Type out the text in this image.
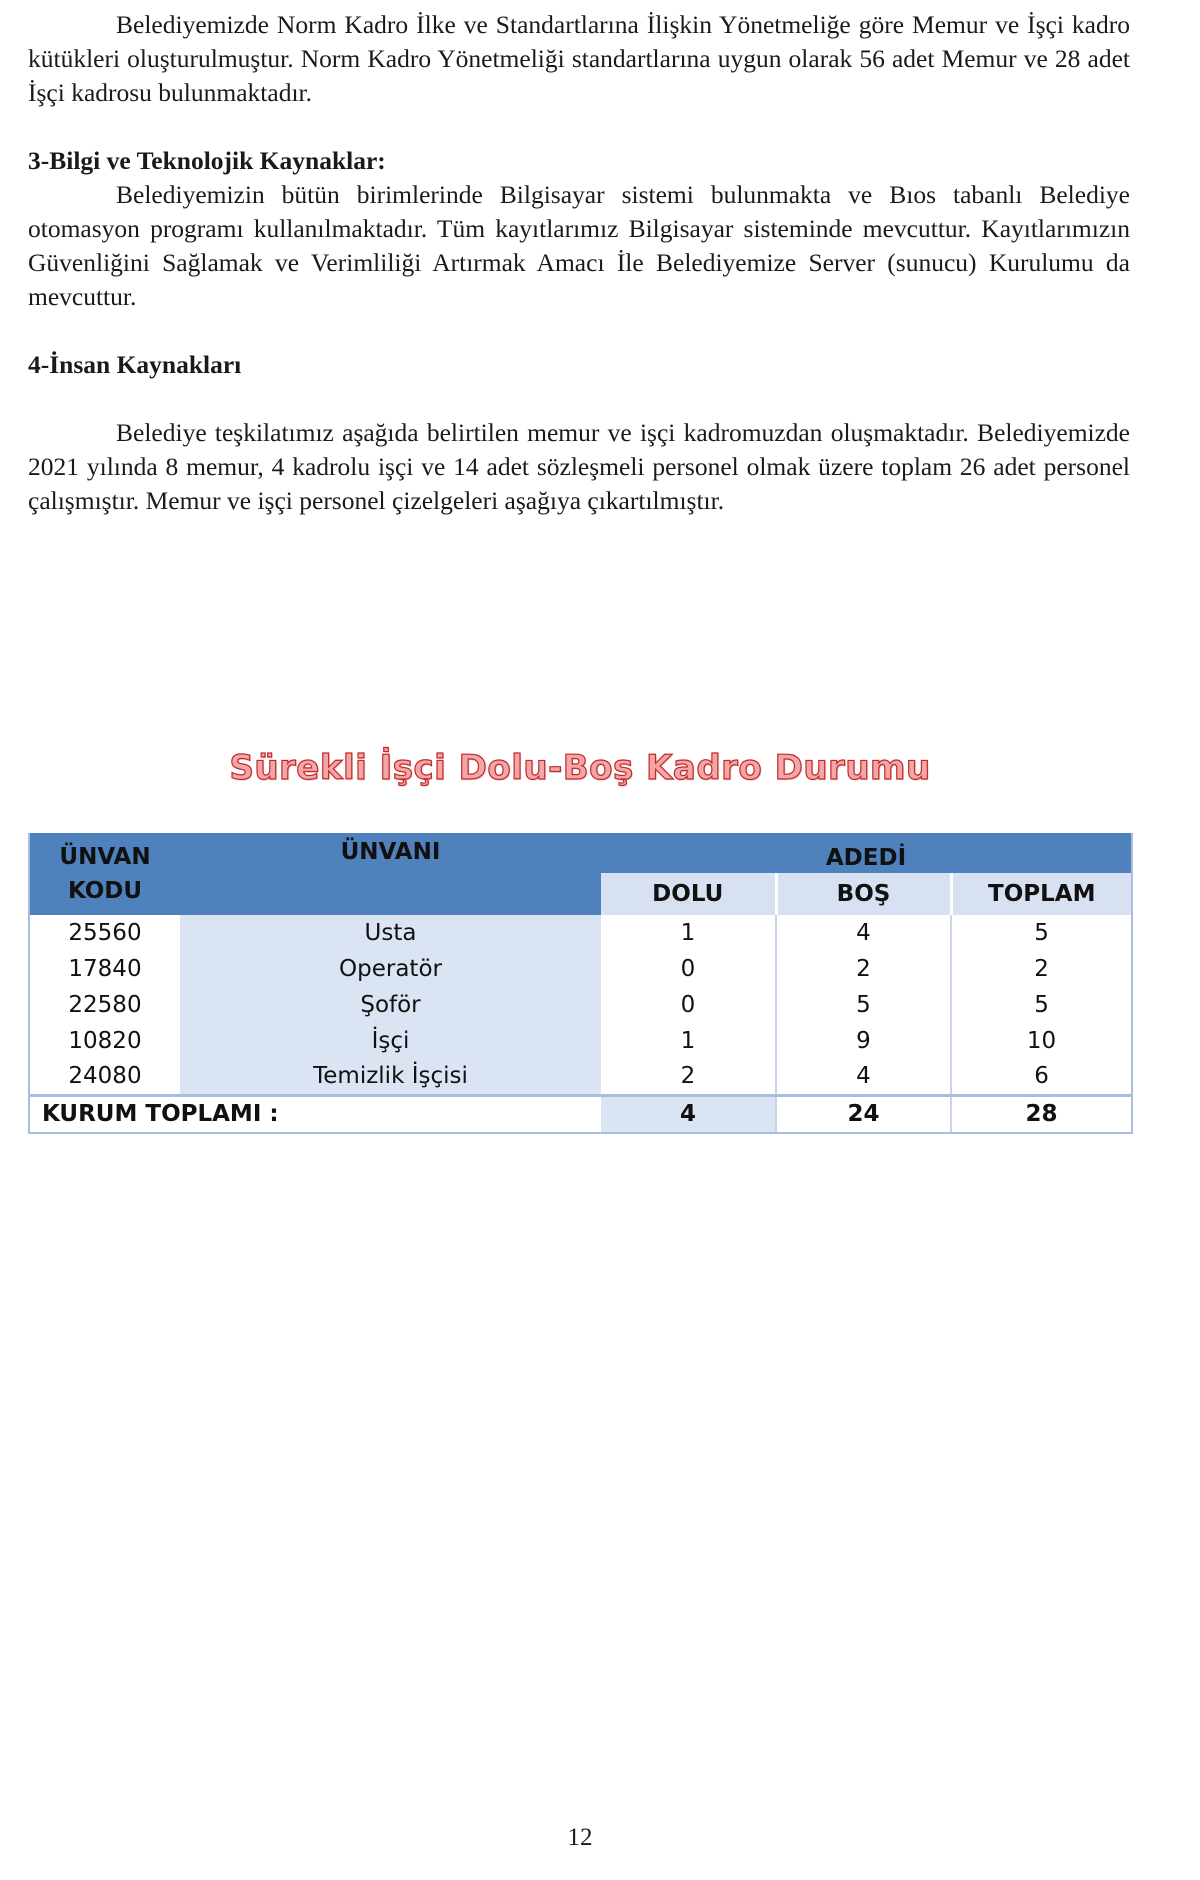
Belediyemizde Norm Kadro İlke ve Standartlarına İlişkin Yönetmeliğe göre Memur ve İşçi kadro kütükleri oluşturulmuştur. Norm Kadro Yönetmeliği standartlarına uygun olarak 56 adet Memur ve 28 adet İşçi kadrosu bulunmaktadır.

3-Bilgi ve Teknolojik Kaynaklar:

Belediyemizin bütün birimlerinde Bilgisayar sistemi bulunmakta ve Bıos tabanlı Belediye otomasyon programı kullanılmaktadır. Tüm kayıtlarımız Bilgisayar sisteminde mevcuttur. Kayıtlarımızın Güvenliğini Sağlamak ve Verimliliği Artırmak Amacı İle Belediyemize Server (sunucu) Kurulumu da mevcuttur.

4-İnsan Kaynakları

Belediye teşkilatımız aşağıda belirtilen memur ve işçi kadromuzdan oluşmaktadır. Belediyemizde 2021 yılında 8 memur, 4 kadrolu işçi ve 14 adet sözleşmeli personel olmak üzere toplam 26 adet personel çalışmıştır. Memur ve işçi personel çizelgeleri aşağıya çıkartılmıştır.

Sürekli İşçi Dolu-Boş Kadro Durumu
ÜNVAN
KODU	ÜNVANI	ADEDİ		
		DOLU	BOŞ	TOPLAM
25560	Usta	1	4	5
17840	Operatör	0	2	2
22580	Şoför	0	5	5
10820	İşçi	1	9	10
24080	Temizlik İşçisi	2	4	6
KURUM TOPLAMI :		4	24	28
12
